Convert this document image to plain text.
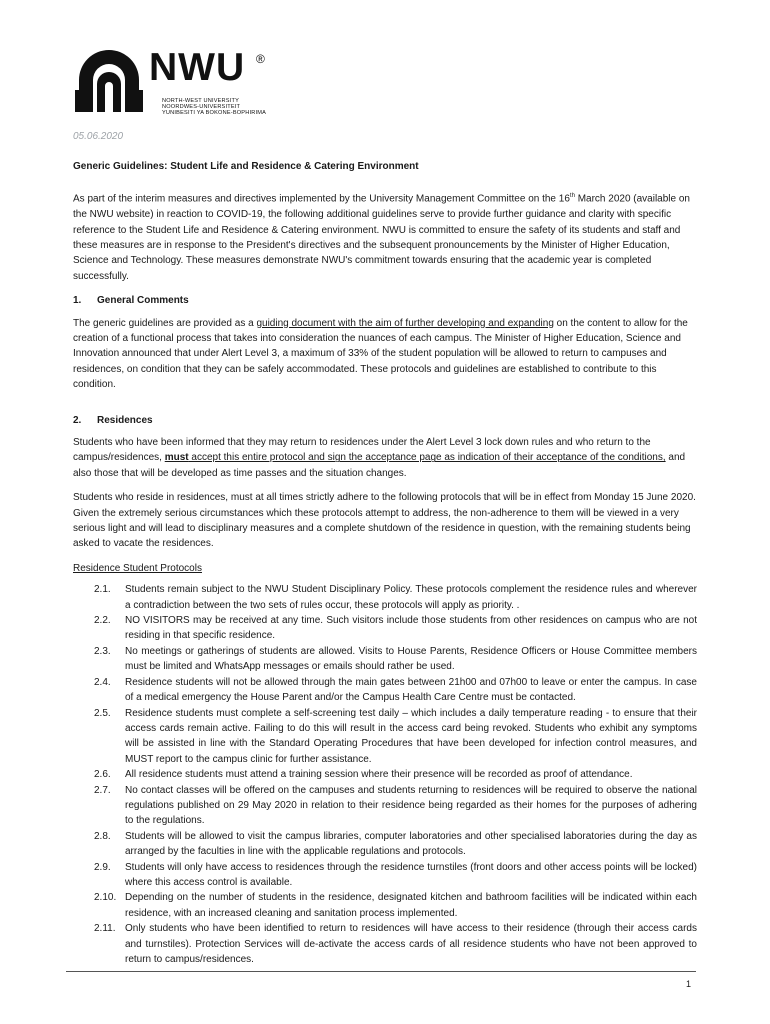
NWU ®
NORTH-WEST UNIVERSITY
NOORDWES-UNIVERSITEIT
YUNIBESITI YA BOKONE-BOPHIRIMA
05.06.2020

Generic Guidelines: Student Life and Residence & Catering Environment

As part of the interim measures and directives implemented by the University Management Committee on the 16th March 2020 (available on the NWU website) in reaction to COVID-19, the following additional guidelines serve to provide further guidance and clarity with specific reference to the Student Life and Residence & Catering environment. NWU is committed to ensure the safety of its students and staff and these measures are in response to the President's directives and the subsequent pronouncements by the Minister of Higher Education, Science and Technology. These measures demonstrate NWU's commitment towards ensuring that the academic year is completed successfully.

1.	General Comments

The generic guidelines are provided as a guiding document with the aim of further developing and expanding on the content to allow for the creation of a functional process that takes into consideration the nuances of each campus. The Minister of Higher Education, Science and Innovation announced that under Alert Level 3, a maximum of 33% of the student population will be allowed to return to campuses and residences, on condition that they can be safely accommodated. These protocols and guidelines are established to contribute to this condition.

2.	Residences

Students who have been informed that they may return to residences under the Alert Level 3 lock down rules and who return to the campus/residences, must accept this entire protocol and sign the acceptance page as indication of their acceptance of the conditions, and also those that will be developed as time passes and the situation changes.

Students who reside in residences, must at all times strictly adhere to the following protocols that will be in effect from Monday 15 June 2020. Given the extremely serious circumstances which these protocols attempt to address, the non-adherence to them will be viewed in a very serious light and will lead to disciplinary measures and a complete shutdown of the residence in question, with the remaining students being asked to vacate the residences.

Residence Student Protocols
2.1.	Students remain subject to the NWU Student Disciplinary Policy. These protocols complement the residence rules and wherever a contradiction between the two sets of rules occur, these protocols will apply as priority. .
2.2.	NO VISITORS may be received at any time. Such visitors include those students from other residences on campus who are not residing in that specific residence.
2.3.	No meetings or gatherings of students are allowed. Visits to House Parents, Residence Officers or House Committee members must be limited and WhatsApp messages or emails should rather be used.
2.4.	Residence students will not be allowed through the main gates between 21h00 and 07h00 to leave or enter the campus. In case of a medical emergency the House Parent and/or the Campus Health Care Centre must be contacted.
2.5.	Residence students must complete a self-screening test daily – which includes a daily temperature reading - to ensure that their access cards remain active. Failing to do this will result in the access card being revoked. Students who exhibit any symptoms will be assisted in line with the Standard Operating Procedures that have been developed for infection control measures, and MUST report to the campus clinic for further assistance.
2.6.	All residence students must attend a training session where their presence will be recorded as proof of attendance.
2.7.	No contact classes will be offered on the campuses and students returning to residences will be required to observe the national regulations published on 29 May 2020 in relation to their residence being regarded as their homes for the purposes of adhering to the regulations.
2.8.	Students will be allowed to visit the campus libraries, computer laboratories and other specialised laboratories during the day as arranged by the faculties in line with the applicable regulations and protocols.
2.9.	Students will only have access to residences through the residence turnstiles (front doors and other access points will be locked) where this access control is available.
2.10. Depending on the number of students in the residence, designated kitchen and bathroom facilities will be indicated within each residence, with an increased cleaning and sanitation process implemented.
2.11. Only students who have been identified to return to residences will have access to their residence (through their access cards and turnstiles). Protection Services will de-activate the access cards of all residence students who have not been approved to return to campus/residences.
1
